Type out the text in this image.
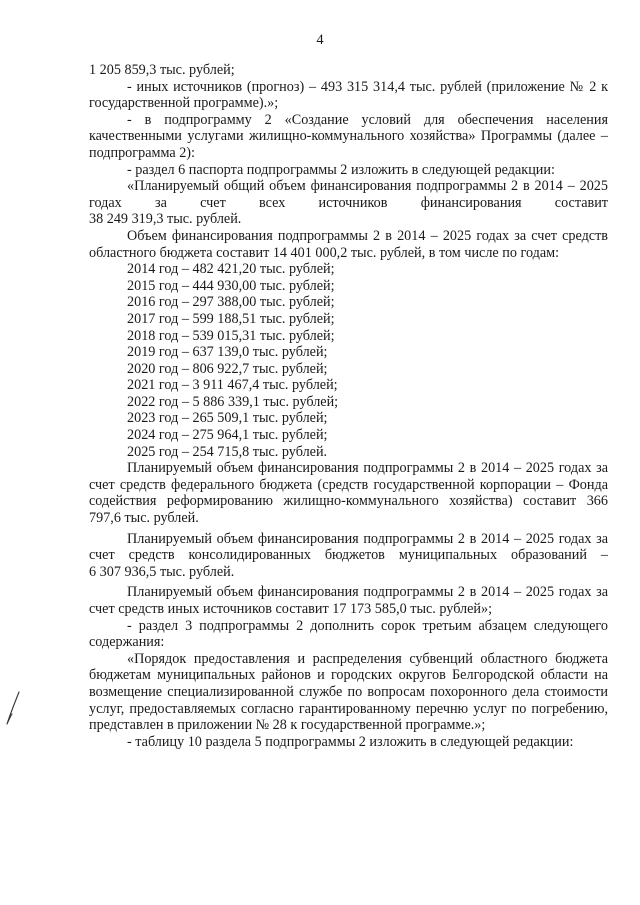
4

1 205 859,3 тыс. рублей;

- иных источников (прогноз) – 493 315 314,4 тыс. рублей (приложение № 2 к государственной программе).»;

- в подпрограмму 2 «Создание условий для обеспечения населения качественными услугами жилищно-коммунального хозяйства» Программы (далее – подпрограмма 2):

- раздел 6 паспорта подпрограммы 2 изложить в следующей редакции:

«Планируемый общий объем финансирования подпрограммы 2 в 2014 – 2025 годах за счет всех источников финансирования составит

38 249 319,3 тыс. рублей.

Объем финансирования подпрограммы 2 в 2014 – 2025 годах за счет средств областного бюджета составит 14 401 000,2 тыс. рублей, в том числе по годам:

2014 год – 482 421,20 тыс. рублей;
2015 год – 444 930,00 тыс. рублей;
2016 год – 297 388,00 тыс. рублей;
2017 год – 599 188,51 тыс. рублей;
2018 год – 539 015,31 тыс. рублей;
2019 год – 637 139,0 тыс. рублей;
2020 год – 806 922,7 тыс. рублей;
2021 год – 3 911 467,4 тыс. рублей;
2022 год – 5 886 339,1 тыс. рублей;
2023 год – 265 509,1 тыс. рублей;
2024 год – 275 964,1 тыс. рублей;
2025 год – 254 715,8 тыс. рублей.

Планируемый объем финансирования подпрограммы 2 в 2014 – 2025 годах за счет средств федерального бюджета (средств государственной корпорации – Фонда содействия реформированию жилищно-коммунального хозяйства) составит 366 797,6 тыс. рублей.

Планируемый объем финансирования подпрограммы 2 в 2014 – 2025 годах за счет средств консолидированных бюджетов муниципальных образований –

6 307 936,5 тыс. рублей.

Планируемый объем финансирования подпрограммы 2 в 2014 – 2025 годах за счет средств иных источников составит 17 173 585,0 тыс. рублей»;

- раздел 3 подпрограммы 2 дополнить сорок третьим абзацем следующего содержания:

«Порядок предоставления и распределения субвенций областного бюджета бюджетам муниципальных районов и городских округов Белгородской области на возмещение специализированной службе по вопросам похоронного дела стоимости услуг, предоставляемых согласно гарантированному перечню услуг по погребению, представлен в приложении № 28 к государственной программе.»;

- таблицу 10 раздела 5 подпрограммы 2 изложить в следующей редакции:
